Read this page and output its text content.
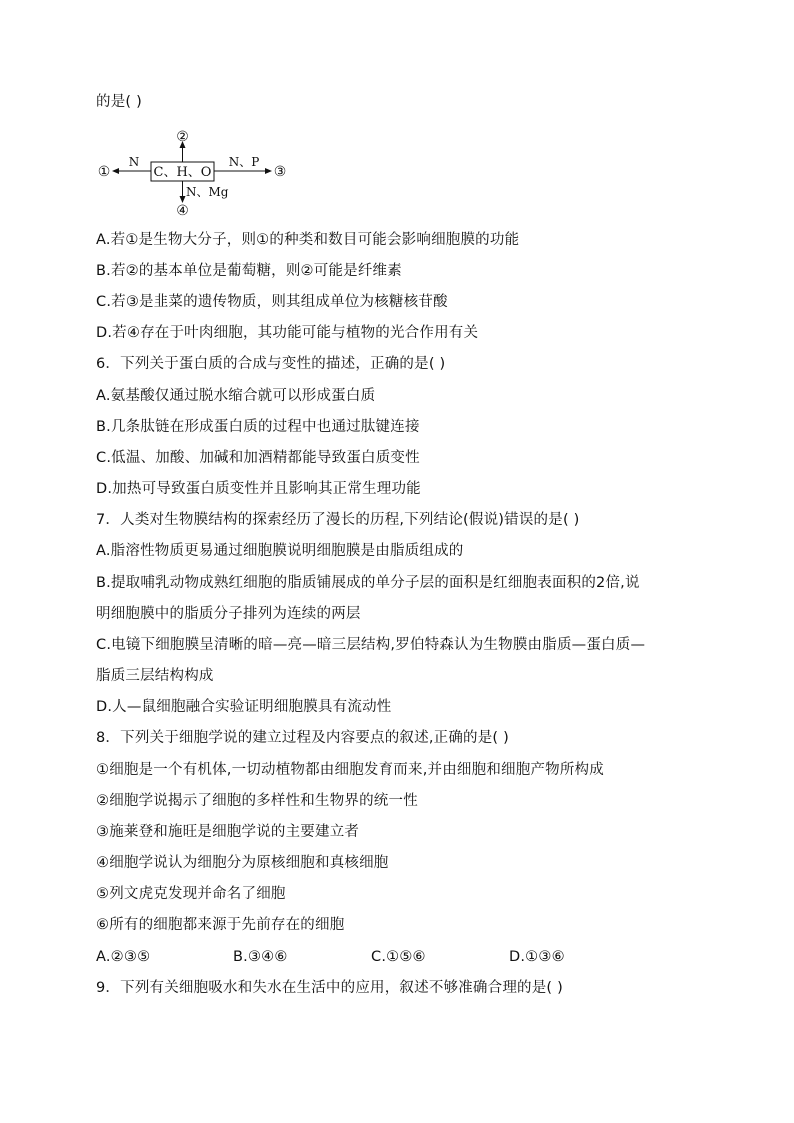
的是( )
C、H、O
②
①
N
③
N、P
N、Mg
④
A.若①是生物大分子，则①的种类和数目可能会影响细胞膜的功能
B.若②的基本单位是葡萄糖，则②可能是纤维素
C.若③是韭菜的遗传物质，则其组成单位为核糖核苷酸
D.若④存在于叶肉细胞，其功能可能与植物的光合作用有关
6．下列关于蛋白质的合成与变性的描述，正确的是( )
A.氨基酸仅通过脱水缩合就可以形成蛋白质
B.几条肽链在形成蛋白质的过程中也通过肽键连接
C.低温、加酸、加碱和加酒精都能导致蛋白质变性
D.加热可导致蛋白质变性并且影响其正常生理功能
7．人类对生物膜结构的探索经历了漫长的历程,下列结论(假说)错误的是( )
A.脂溶性物质更易通过细胞膜说明细胞膜是由脂质组成的
B.提取哺乳动物成熟红细胞的脂质铺展成的单分子层的面积是红细胞表面积的2倍,说
明细胞膜中的脂质分子排列为连续的两层
C.电镜下细胞膜呈清晰的暗—亮—暗三层结构,罗伯特森认为生物膜由脂质—蛋白质—
脂质三层结构构成
D.人—鼠细胞融合实验证明细胞膜具有流动性
8．下列关于细胞学说的建立过程及内容要点的叙述,正确的是( )
①细胞是一个有机体,一切动植物都由细胞发育而来,并由细胞和细胞产物所构成
②细胞学说揭示了细胞的多样性和生物界的统一性
③施莱登和施旺是细胞学说的主要建立者
④细胞学说认为细胞分为原核细胞和真核细胞
⑤列文虎克发现并命名了细胞
⑥所有的细胞都来源于先前存在的细胞
A.②③⑤	B.③④⑥	C.①⑤⑥	D.①③⑥
9．下列有关细胞吸水和失水在生活中的应用，叙述不够准确合理的是( )
